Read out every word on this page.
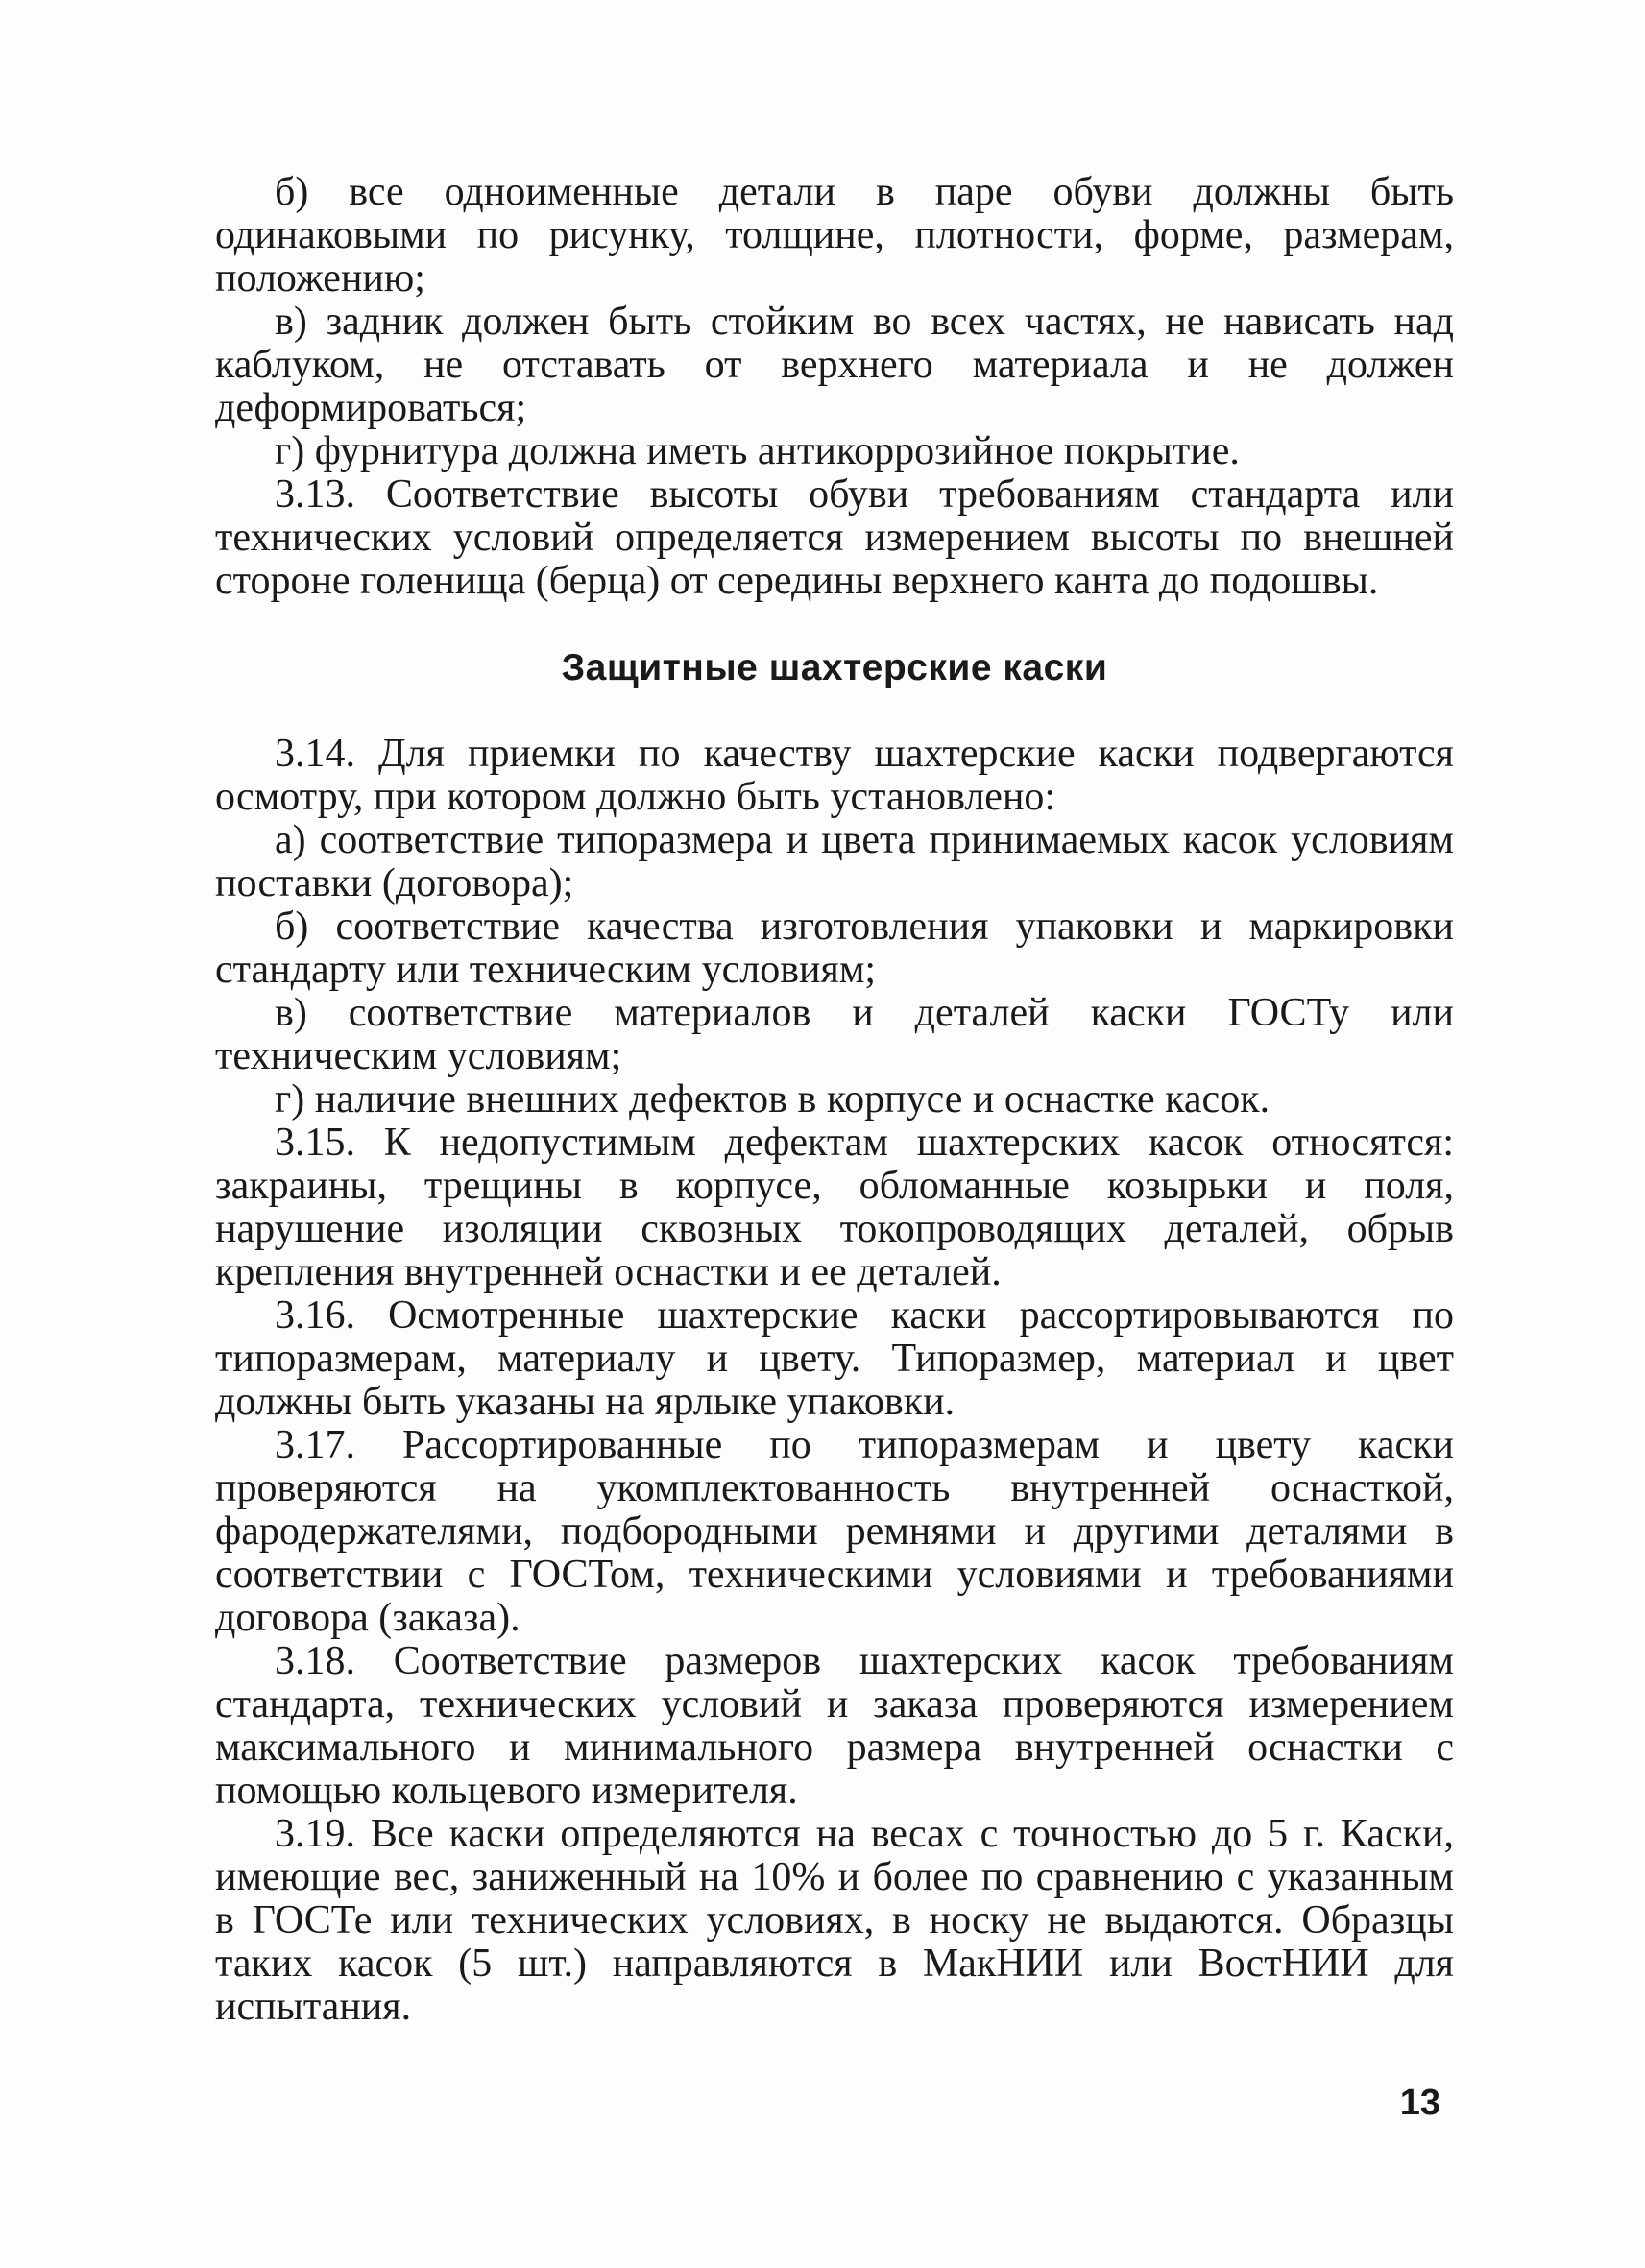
б) все одноименные детали в паре обуви должны быть одинаковыми по рисунку, толщине, плотности, форме, размерам, положению;

в) задник должен быть стойким во всех частях, не нависать над каблуком, не отставать от верхнего материала и не должен деформироваться;

г) фурнитура должна иметь антикоррозийное покрытие.

3.13. Соответствие высоты обуви требованиям стандарта или технических условий определяется измерением высоты по внешней стороне голенища (берца) от середины верхнего канта до подошвы.

Защитные шахтерские каски

3.14. Для приемки по качеству шахтерские каски подвергаются осмотру, при котором должно быть установлено:

а) соответствие типоразмера и цвета принимаемых касок условиям поставки (договора);

б) соответствие качества изготовления упаковки и маркировки стандарту или техническим условиям;

в) соответствие материалов и деталей каски ГОСТу или техническим условиям;

г) наличие внешних дефектов в корпусе и оснастке касок.

3.15. К недопустимым дефектам шахтерских касок относятся: закраины, трещины в корпусе, обломанные козырьки и поля, нарушение изоляции сквозных токопроводящих деталей, обрыв крепления внутренней оснастки и ее деталей.

3.16. Осмотренные шахтерские каски рассортировываются по типоразмерам, материалу и цвету. Типоразмер, материал и цвет должны быть указаны на ярлыке упаковки.

3.17. Рассортированные по типоразмерам и цвету каски проверяются на укомплектованность внутренней оснасткой, фародержателями, подбородными ремнями и другими деталями в соответствии с ГОСТом, техническими условиями и требованиями договора (заказа).

3.18. Соответствие размеров шахтерских касок требованиям стандарта, технических условий и заказа проверяются измерением максимального и минимального размера внутренней оснастки с помощью кольцевого измерителя.

3.19. Все каски определяются на весах с точностью до 5 г. Каски, имеющие вес, заниженный на 10% и более по сравнению с указанным в ГОСТе или технических условиях, в носку не выдаются. Образцы таких касок (5 шт.) направляются в МакНИИ или ВостНИИ для испытания.

13
